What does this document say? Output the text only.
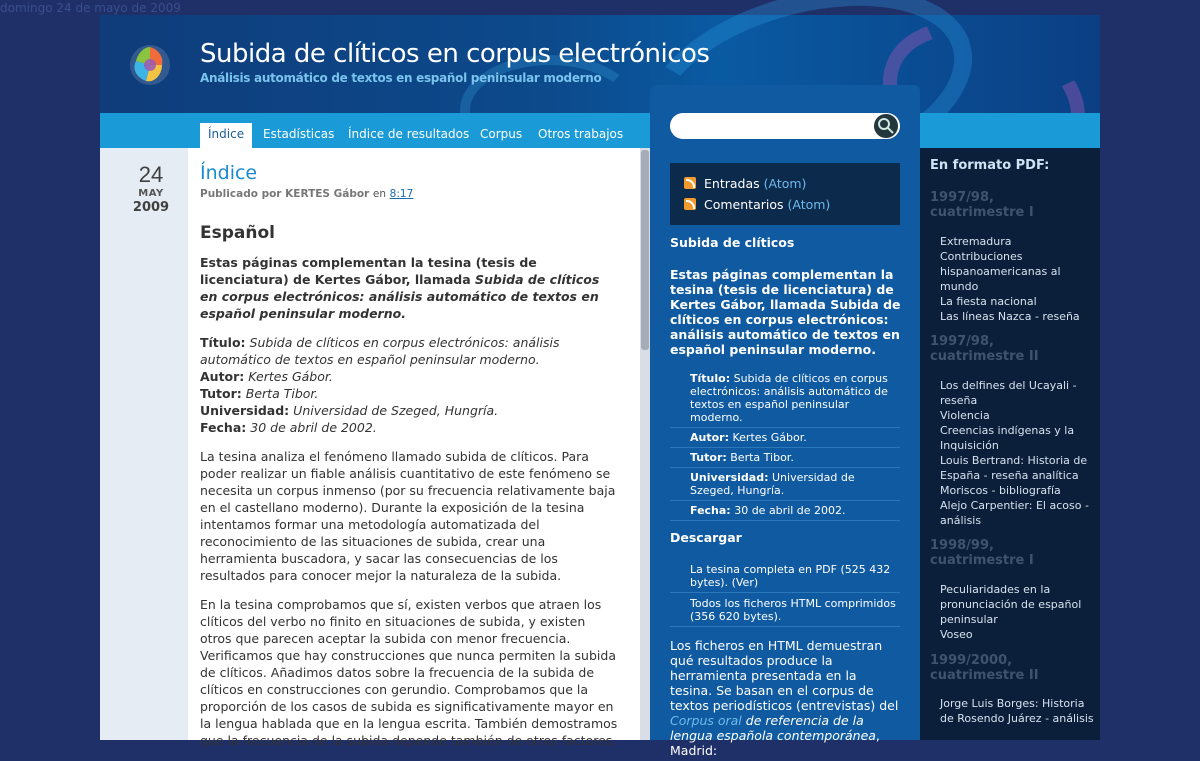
domingo 24 de mayo de 2009
Subida de clíticos en corpus electrónicos
Análisis automático de textos en español peninsular moderno
Índice	Estadísticas	Índice de resultados Corpus	Otros trabajos
24
MAY
2009
Índice
Publicado por KERTES Gábor en 8:17
Español

Estas páginas complementan la tesina (tesis de licenciatura) de Kertes Gábor, llamada Subida de clíticos en corpus electrónicos: análisis automático de textos en español peninsular moderno.

Título: Subida de clíticos en corpus electrónicos: análisis automático de textos en español peninsular moderno.
Autor: Kertes Gábor.
Tutor: Berta Tibor.
Universidad: Universidad de Szeged, Hungría.
Fecha: 30 de abril de 2002.

La tesina analiza el fenómeno llamado subida de clíticos. Para poder realizar un fiable análisis cuantitativo de este fenómeno se necesita un corpus inmenso (por su frecuencia relativamente baja en el castellano moderno). Durante la exposición de la tesina intentamos formar una metodología automatizada del reconocimiento de las situaciones de subida, crear una herramienta buscadora, y sacar las consecuencias de los resultados para conocer mejor la naturaleza de la subida.

En la tesina comprobamos que sí, existen verbos que atraen los clíticos del verbo no finito en situaciones de subida, y existen otros que parecen aceptar la subida con menor frecuencia. Verificamos que hay construcciones que nunca permiten la subida de clíticos. Añadimos datos sobre la frecuencia de la subida de clíticos en construcciones con gerundio. Comprobamos que la proporción de los casos de subida es significativamente mayor en la lengua hablada que en la lengua escrita. También demostramos que la frecuencia de la subida depende también de otros factores.

Entradas (Atom)
Comentarios (Atom)
Subida de clíticos
Estas páginas complementan la tesina (tesis de licenciatura) de Kertes Gábor, llamada Subida de clíticos en corpus electrónicos: análisis automático de textos en español peninsular moderno.
Título: Subida de clíticos en corpus electrónicos: análisis automático de textos en español peninsular moderno.
Autor: Kertes Gábor.
Tutor: Berta Tibor.
Universidad: Universidad de Szeged, Hungría.
Fecha: 30 de abril de 2002.
Descargar
La tesina completa en PDF (525 432 bytes). (Ver)
Todos los ficheros HTML comprimidos (356 620 bytes).
Los ficheros en HTML demuestran qué resultados produce la herramienta presentada en la tesina. Se basan en el corpus de textos periodísticos (entrevistas) del Corpus oral de referencia de la lengua española contemporánea, Madrid:
En formato PDF:
1997/98, cuatrimestre I
Extremadura
Contribuciones hispanoamericanas al mundo
La fiesta nacional
Las líneas Nazca - reseña
1997/98, cuatrimestre II
Los delfines del Ucayali - reseña
Violencia
Creencias indígenas y la Inquisición
Louis Bertrand: Historia de España - reseña analítica
Moriscos - bibliografía
Alejo Carpentier: El acoso - análisis
1998/99, cuatrimestre I
Peculiaridades en la pronunciación de español peninsular
Voseo
1999/2000, cuatrimestre II
Jorge Luis Borges: Historia de Rosendo Juárez - análisis
